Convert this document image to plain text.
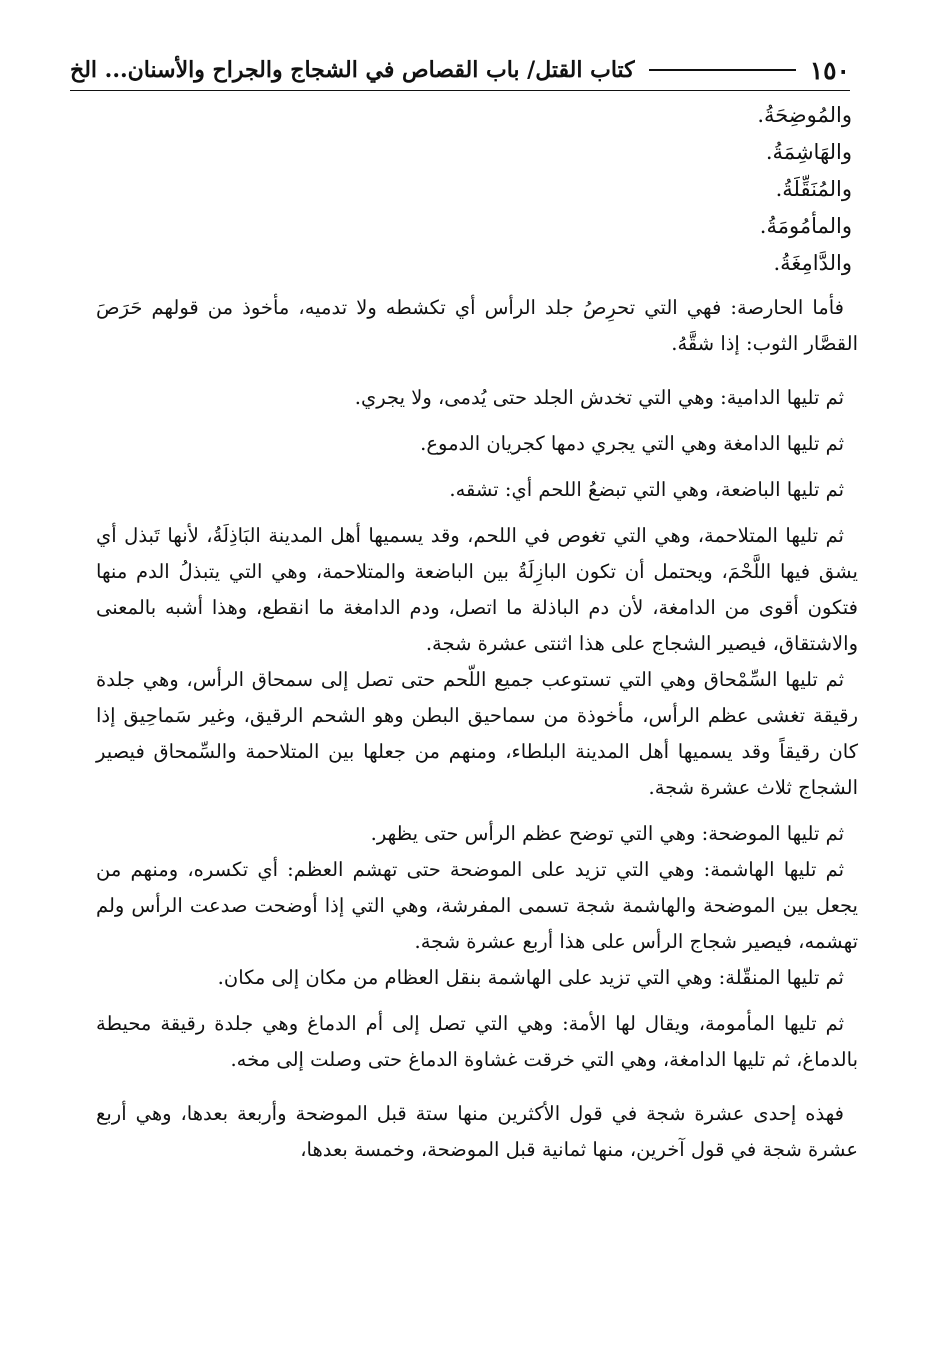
١٥٠
كتاب القتل/ باب القصاص في الشجاج والجراح والأسنان... الخ
والمُوضِحَةُ.
والهَاشِمَةُ.
والمُنَقِّلَةُ.
والمأمُومَةُ.
والدَّامِغَةُ.

فأما الحارصة: فهي التي تحرِصُ جلد الرأس أي تكشطه ولا تدميه، مأخوذ من قولهم حَرَصَ القصَّار الثوب: إذا شقَّهُ.

ثم تليها الدامية: وهي التي تخدش الجلد حتى يُدمى، ولا يجري.

ثم تليها الدامغة وهي التي يجري دمها كجريان الدموع.

ثم تليها الباضعة، وهي التي تبضعُ اللحم أي: تشقه.

ثم تليها المتلاحمة، وهي التي تغوص في اللحم، وقد يسميها أهل المدينة البَاذِلَةُ، لأنها تَبذل أي يشق فيها اللَّحْمَ، ويحتمل أن تكون البازِلَةُ بين الباضعة والمتلاحمة، وهي التي يتبذلُ الدم منها فتكون أقوى من الدامغة، لأن دم الباذلة ما اتصل، ودم الدامغة ما انقطع، وهذا أشبه بالمعنى والاشتقاق، فيصير الشجاج على هذا اثنتى عشرة شجة.

ثم تليها السِّمْحاق وهي التي تستوعب جميع اللّحم حتى تصل إلى سمحاق الرأس، وهي جلدة رقيقة تغشى عظم الرأس، مأخوذة من سماحيق البطن وهو الشحم الرقيق، وغير سَماحِيق إذا كان رقيقاً وقد يسميها أهل المدينة البلطاء، ومنهم من جعلها بين المتلاحمة والسِّمحاق فيصير الشجاج ثلاث عشرة شجة.

ثم تليها الموضحة: وهي التي توضح عظم الرأس حتى يظهر.

ثم تليها الهاشمة: وهي التي تزيد على الموضحة حتى تهشم العظم: أي تكسره، ومنهم من يجعل بين الموضحة والهاشمة شجة تسمى المفرشة، وهي التي إذا أوضحت صدعت الرأس ولم تهشمه، فيصير شجاج الرأس على هذا أربع عشرة شجة.

ثم تليها المنقّلة: وهي التي تزيد على الهاشمة بنقل العظام من مكان إلى مكان.

ثم تليها المأمومة، ويقال لها الأمة: وهي التي تصل إلى أم الدماغ وهي جلدة رقيقة محيطة بالدماغ، ثم تليها الدامغة، وهي التي خرقت غشاوة الدماغ حتى وصلت إلى مخه.

فهذه إحدى عشرة شجة في قول الأكثرين منها ستة قبل الموضحة وأربعة بعدها، وهي أربع عشرة شجة في قول آخرين، منها ثمانية قبل الموضحة، وخمسة بعدها،
